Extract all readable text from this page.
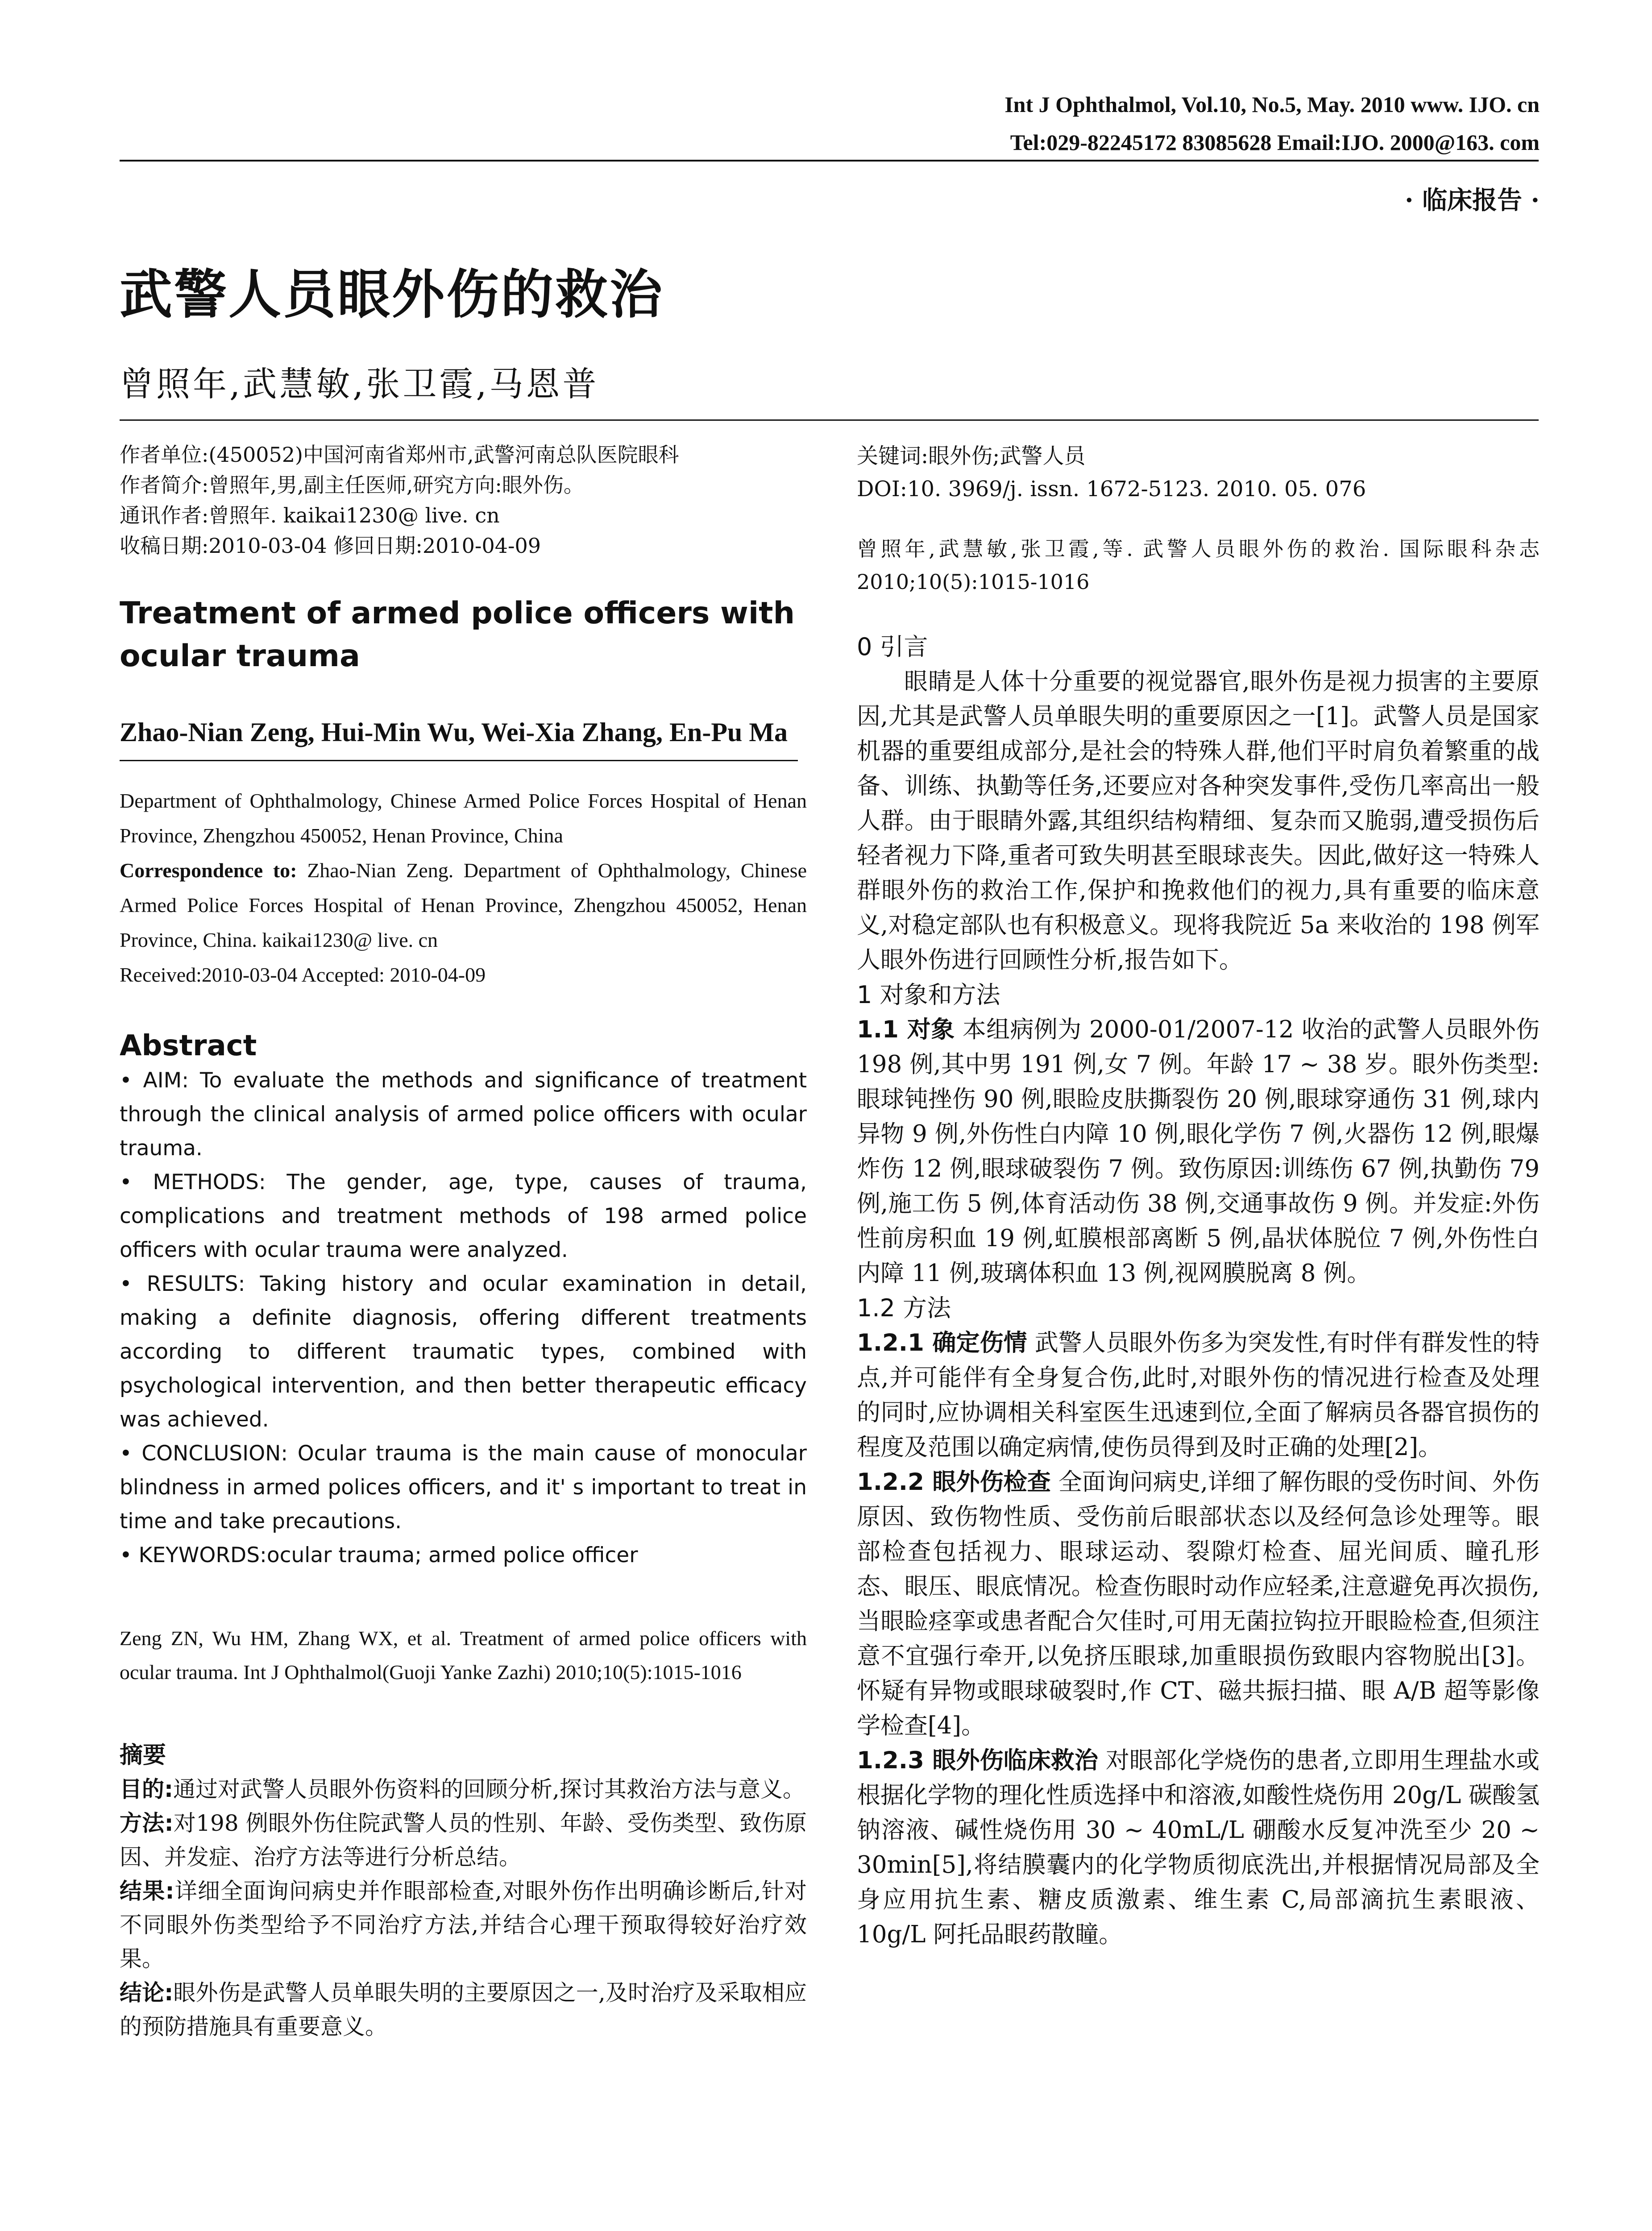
Int J Ophthalmol, Vol.10, No.5, May. 2010 www. IJO. cn
Tel:029-82245172 83085628 Email:IJO. 2000@163. com
· 临床报告 ·
武警人员眼外伤的救治
曾照年,武慧敏,张卫霞,马恩普

作者单位:(450052)中国河南省郑州市,武警河南总队医院眼科

作者简介:曾照年,男,副主任医师,研究方向:眼外伤。

通讯作者:曾照年. kaikai1230@ live. cn

收稿日期:2010-03-04 修回日期:2010-04-09

Treatment of armed police officers with ocular trauma
Zhao-Nian Zeng, Hui-Min Wu, Wei-Xia Zhang, En-Pu Ma

Department of Ophthalmology, Chinese Armed Police Forces Hospital of Henan Province, Zhengzhou 450052, Henan Province, China

Correspondence to: Zhao-Nian Zeng. Department of Ophthalmology, Chinese Armed Police Forces Hospital of Henan Province, Zhengzhou 450052, Henan Province, China. kaikai1230@ live. cn

Received:2010-03-04 Accepted: 2010-04-09

Abstract

• AIM: To evaluate the methods and significance of treatment through the clinical analysis of armed police officers with ocular trauma.

• METHODS: The gender, age, type, causes of trauma, complications and treatment methods of 198 armed police officers with ocular trauma were analyzed.

• RESULTS: Taking history and ocular examination in detail, making a definite diagnosis, offering different treatments according to different traumatic types, combined with psychological intervention, and then better therapeutic efficacy was achieved.

• CONCLUSION: Ocular trauma is the main cause of monocular blindness in armed polices officers, and it' s important to treat in time and take precautions.

• KEYWORDS:ocular trauma; armed police officer

Zeng ZN, Wu HM, Zhang WX, et al. Treatment of armed police officers with ocular trauma. Int J Ophthalmol(Guoji Yanke Zazhi) 2010;10(5):1015-1016

摘要

目的:通过对武警人员眼外伤资料的回顾分析,探讨其救治方法与意义。

方法:对198 例眼外伤住院武警人员的性别、年龄、受伤类型、致伤原因、并发症、治疗方法等进行分析总结。

结果:详细全面询问病史并作眼部检查,对眼外伤作出明确诊断后,针对不同眼外伤类型给予不同治疗方法,并结合心理干预取得较好治疗效果。

结论:眼外伤是武警人员单眼失明的主要原因之一,及时治疗及采取相应的预防措施具有重要意义。

关键词:眼外伤;武警人员

DOI:10. 3969/j. issn. 1672-5123. 2010. 05. 076

曾照年,武慧敏,张卫霞,等. 武警人员眼外伤的救治. 国际眼科杂志 2010;10(5):1015-1016

0 引言

眼睛是人体十分重要的视觉器官,眼外伤是视力损害的主要原因,尤其是武警人员单眼失明的重要原因之一[1]。武警人员是国家机器的重要组成部分,是社会的特殊人群,他们平时肩负着繁重的战备、训练、执勤等任务,还要应对各种突发事件,受伤几率高出一般人群。由于眼睛外露,其组织结构精细、复杂而又脆弱,遭受损伤后轻者视力下降,重者可致失明甚至眼球丧失。因此,做好这一特殊人群眼外伤的救治工作,保护和挽救他们的视力,具有重要的临床意义,对稳定部队也有积极意义。现将我院近 5a 来收治的 198 例军人眼外伤进行回顾性分析,报告如下。

1 对象和方法

1.1 对象 本组病例为 2000-01/2007-12 收治的武警人员眼外伤 198 例,其中男 191 例,女 7 例。年龄 17 ~ 38 岁。眼外伤类型:眼球钝挫伤 90 例,眼睑皮肤撕裂伤 20 例,眼球穿通伤 31 例,球内异物 9 例,外伤性白内障 10 例,眼化学伤 7 例,火器伤 12 例,眼爆炸伤 12 例,眼球破裂伤 7 例。致伤原因:训练伤 67 例,执勤伤 79 例,施工伤 5 例,体育活动伤 38 例,交通事故伤 9 例。并发症:外伤性前房积血 19 例,虹膜根部离断 5 例,晶状体脱位 7 例,外伤性白内障 11 例,玻璃体积血 13 例,视网膜脱离 8 例。

1.2 方法

1.2.1 确定伤情 武警人员眼外伤多为突发性,有时伴有群发性的特点,并可能伴有全身复合伤,此时,对眼外伤的情况进行检查及处理的同时,应协调相关科室医生迅速到位,全面了解病员各器官损伤的程度及范围以确定病情,使伤员得到及时正确的处理[2]。

1.2.2 眼外伤检查 全面询问病史,详细了解伤眼的受伤时间、外伤原因、致伤物性质、受伤前后眼部状态以及经何急诊处理等。眼部检查包括视力、眼球运动、裂隙灯检查、屈光间质、瞳孔形态、眼压、眼底情况。检查伤眼时动作应轻柔,注意避免再次损伤,当眼睑痉挛或患者配合欠佳时,可用无菌拉钩拉开眼睑检查,但须注意不宜强行牵开,以免挤压眼球,加重眼损伤致眼内容物脱出[3]。怀疑有异物或眼球破裂时,作 CT、磁共振扫描、眼 A/B 超等影像学检查[4]。

1.2.3 眼外伤临床救治 对眼部化学烧伤的患者,立即用生理盐水或根据化学物的理化性质选择中和溶液,如酸性烧伤用 20g/L 碳酸氢钠溶液、碱性烧伤用 30 ~ 40mL/L 硼酸水反复冲洗至少 20 ~ 30min[5],将结膜囊内的化学物质彻底洗出,并根据情况局部及全身应用抗生素、糖皮质激素、维生素 C,局部滴抗生素眼液、10g/L 阿托品眼药散瞳。
